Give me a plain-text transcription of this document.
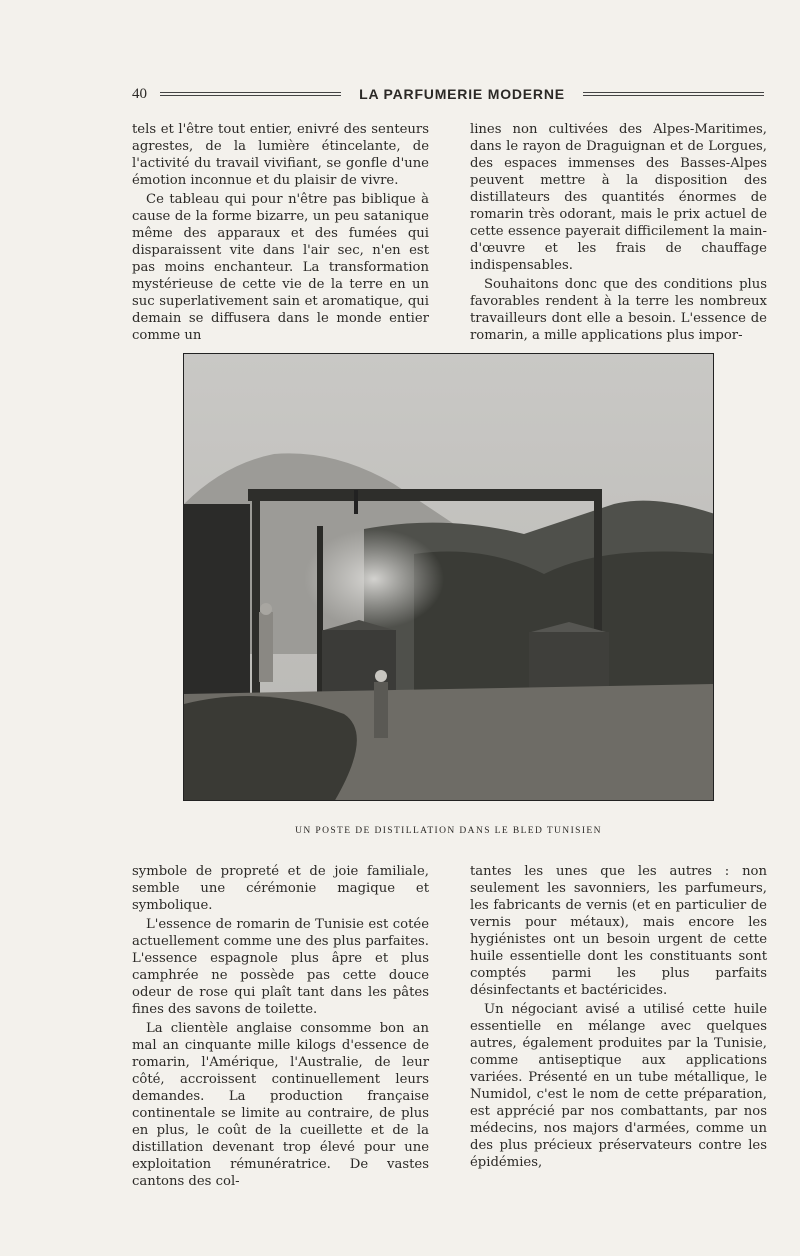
40	LA PARFUMERIE MODERNE

tels et l'être tout entier, enivré des senteurs agrestes, de la lumière étincelante, de l'activité du travail vivifiant, se gonfle d'une émotion inconnue et du plaisir de vivre.

Ce tableau qui pour n'être pas biblique à cause de la forme bizarre, un peu satanique même des apparaux et des fumées qui disparaissent vite dans l'air sec, n'en est pas moins enchanteur. La transformation mystérieuse de cette vie de la terre en un suc superlativement sain et aromatique, qui demain se diffusera dans le monde entier comme un

lines non cultivées des Alpes-Maritimes, dans le rayon de Draguignan et de Lorgues, des espaces immenses des Basses-Alpes peuvent mettre à la disposition des distillateurs des quantités énormes de romarin très odorant, mais le prix actuel de cette essence payerait difficilement la main-d'œuvre et les frais de chauffage indispensables.

Souhaitons donc que des conditions plus favorables rendent à la terre les nombreux travailleurs dont elle a besoin. L'essence de romarin, a mille applications plus impor-

UN POSTE DE DISTILLATION DANS LE BLED TUNISIEN

symbole de propreté et de joie familiale, semble une cérémonie magique et symbolique.

L'essence de romarin de Tunisie est cotée actuellement comme une des plus parfaites. L'essence espagnole plus âpre et plus camphrée ne possède pas cette douce odeur de rose qui plaît tant dans les pâtes fines des savons de toilette.

La clientèle anglaise consomme bon an mal an cinquante mille kilogs d'essence de romarin, l'Amérique, l'Australie, de leur côté, accroissent continuellement leurs demandes. La production française continentale se limite au contraire, de plus en plus, le coût de la cueillette et de la distillation devenant trop élevé pour une exploitation rémunératrice. De vastes cantons des col-

tantes les unes que les autres : non seulement les savonniers, les parfumeurs, les fabricants de vernis (et en particulier de vernis pour métaux), mais encore les hygiénistes ont un besoin urgent de cette huile essentielle dont les constituants sont comptés parmi les plus parfaits désinfectants et bactéricides.

Un négociant avisé a utilisé cette huile essentielle en mélange avec quelques autres, également produites par la Tunisie, comme antiseptique aux applications variées. Présenté en un tube métallique, le Numidol, c'est le nom de cette préparation, est apprécié par nos combattants, par nos médecins, nos majors d'armées, comme un des plus précieux préservateurs contre les épidémies,
